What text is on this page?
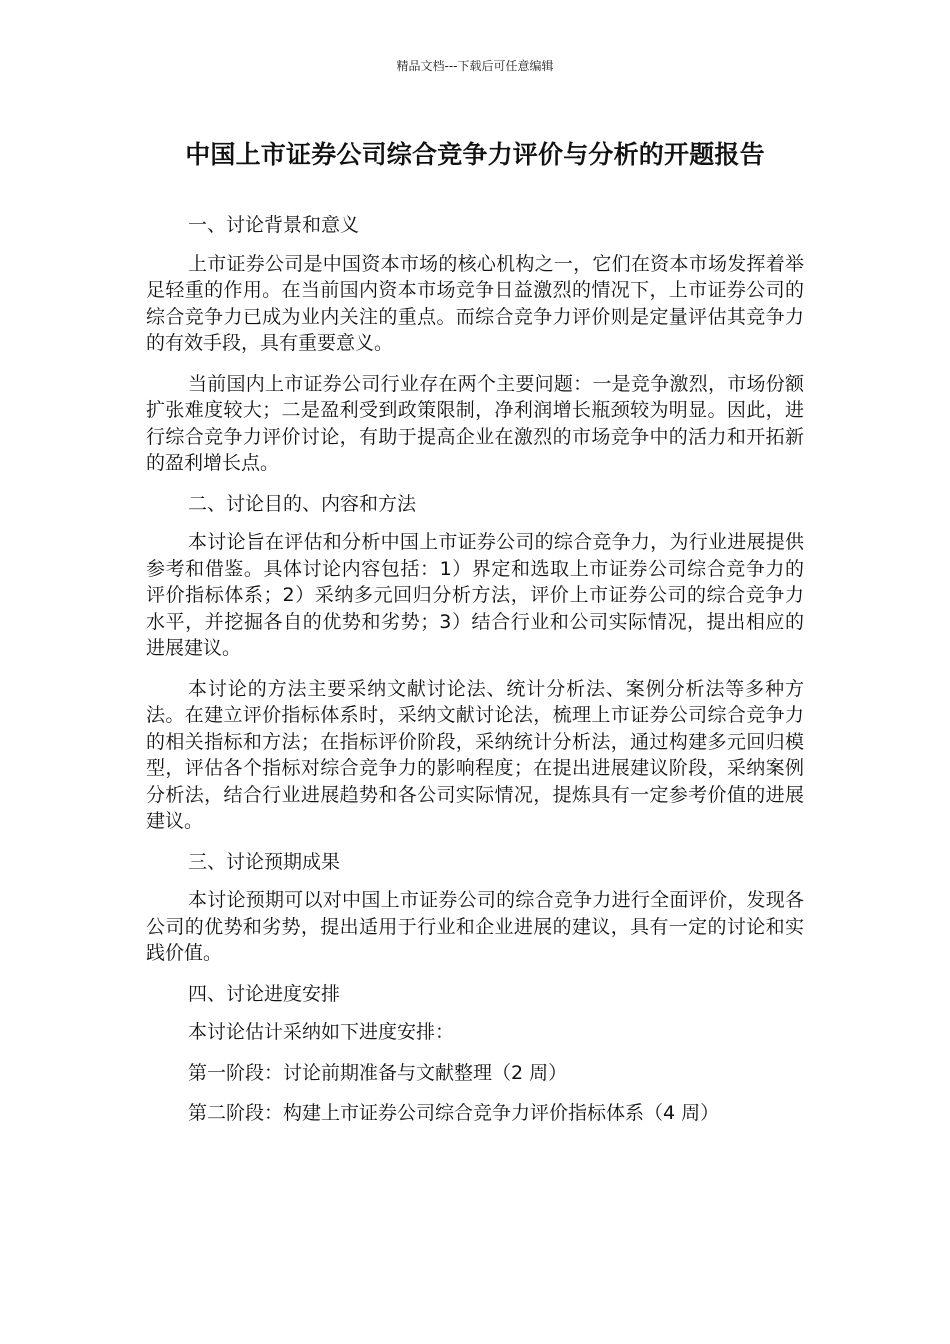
精品文档---下载后可任意编辑
中国上市证券公司综合竞争力评价与分析的开题报告

一、讨论背景和意义

上市证券公司是中国资本市场的核心机构之一，它们在资本市场发挥着举足轻重的作用。在当前国内资本市场竞争日益激烈的情况下，上市证券公司的综合竞争力已成为业内关注的重点。而综合竞争力评价则是定量评估其竞争力的有效手段，具有重要意义。

当前国内上市证券公司行业存在两个主要问题：一是竞争激烈，市场份额扩张难度较大；二是盈利受到政策限制，净利润增长瓶颈较为明显。因此，进行综合竞争力评价讨论，有助于提高企业在激烈的市场竞争中的活力和开拓新的盈利增长点。

二、讨论目的、内容和方法

本讨论旨在评估和分析中国上市证券公司的综合竞争力，为行业进展提供参考和借鉴。具体讨论内容包括：1）界定和选取上市证券公司综合竞争力的评价指标体系；2）采纳多元回归分析方法，评价上市证券公司的综合竞争力水平，并挖掘各自的优势和劣势；3）结合行业和公司实际情况，提出相应的进展建议。

本讨论的方法主要采纳文献讨论法、统计分析法、案例分析法等多种方法。在建立评价指标体系时，采纳文献讨论法，梳理上市证券公司综合竞争力的相关指标和方法；在指标评价阶段，采纳统计分析法，通过构建多元回归模型，评估各个指标对综合竞争力的影响程度；在提出进展建议阶段，采纳案例分析法，结合行业进展趋势和各公司实际情况，提炼具有一定参考价值的进展建议。

三、讨论预期成果

本讨论预期可以对中国上市证券公司的综合竞争力进行全面评价，发现各公司的优势和劣势，提出适用于行业和企业进展的建议，具有一定的讨论和实践价值。

四、讨论进度安排

本讨论估计采纳如下进度安排：

第一阶段：讨论前期准备与文献整理（2 周）

第二阶段：构建上市证券公司综合竞争力评价指标体系（4 周）
